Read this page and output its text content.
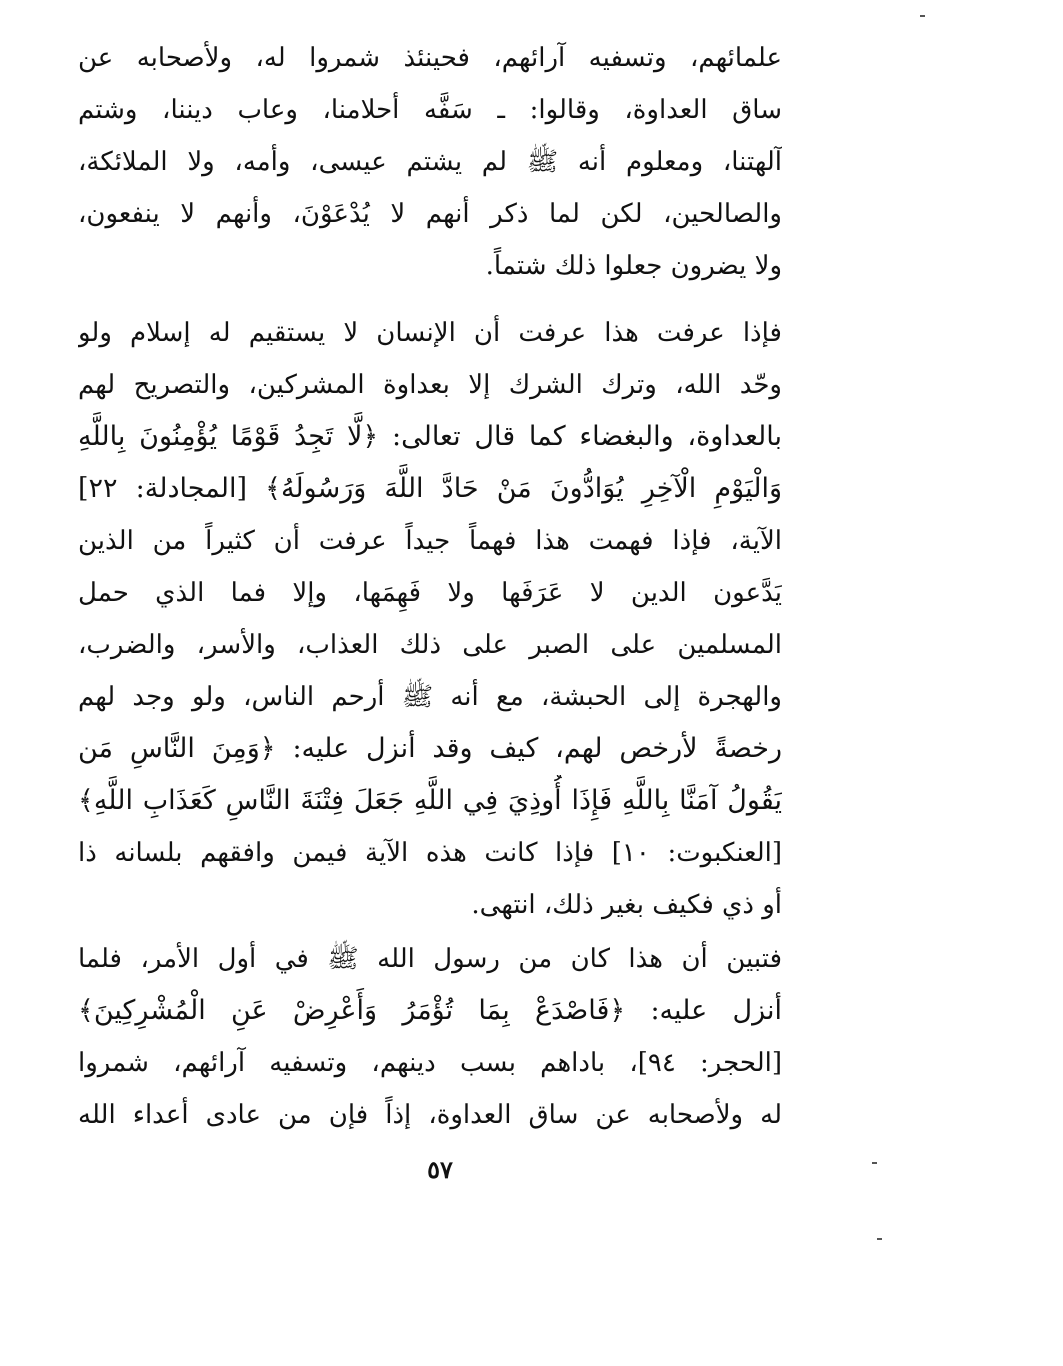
علمائهم، وتسفيه آرائهم، فحينئذ شمروا له، ولأصحابه عن
ساق العداوة، وقالوا: ـ سَفَّه أحلامنا، وعاب ديننا، وشتم
آلهتنا، ومعلوم أنه ﷺ لم يشتم عيسى، وأمه، ولا الملائكة،
والصالحين، لكن لما ذكر أنهم لا يُدْعَوْنَ، وأنهم لا ينفعون،
ولا يضرون جعلوا ذلك شتماً.
فإذا عرفت هذا عرفت أن الإنسان لا يستقيم له إسلام ولو
وحّد الله، وترك الشرك إلا بعداوة المشركين، والتصريح لهم
بالعداوة، والبغضاء كما قال تعالى: ﴿لَّا تَجِدُ قَوْمًا يُؤْمِنُونَ بِاللَّهِ
وَالْيَوْمِ الْآخِرِ يُوَادُّونَ مَنْ حَادَّ اللَّهَ وَرَسُولَهُ﴾ [المجادلة: ٢٢]
الآية، فإذا فهمت هذا فهماً جيداً عرفت أن كثيراً من الذين
يَدَّعون الدين لا عَرَفَها ولا فَهِمَها، وإلا فما الذي حمل
المسلمين على الصبر على ذلك العذاب، والأسر، والضرب،
والهجرة إلى الحبشة، مع أنه ﷺ أرحم الناس، ولو وجد لهم
رخصةً لأرخص لهم، كيف وقد أنزل عليه: ﴿وَمِنَ النَّاسِ مَن
يَقُولُ آمَنَّا بِاللَّهِ فَإِذَا أُوذِيَ فِي اللَّهِ جَعَلَ فِتْنَةَ النَّاسِ كَعَذَابِ اللَّهِ﴾
[العنكبوت: ١٠] فإذا كانت هذه الآية فيمن وافقهم بلسانه ذا
أو ذي فكيف بغير ذلك، انتهى.
فتبين أن هذا كان من رسول الله ﷺ في أول الأمر، فلما
أنزل عليه: ﴿فَاصْدَعْ بِمَا تُؤْمَرُ وَأَعْرِضْ عَنِ الْمُشْرِكِينَ﴾
[الحجر: ٩٤]، باداهم بسب دينهم، وتسفيه آرائهم، شمروا
له ولأصحابه عن ساق العداوة، إذاً فإن من عادى أعداء الله
٥٧
